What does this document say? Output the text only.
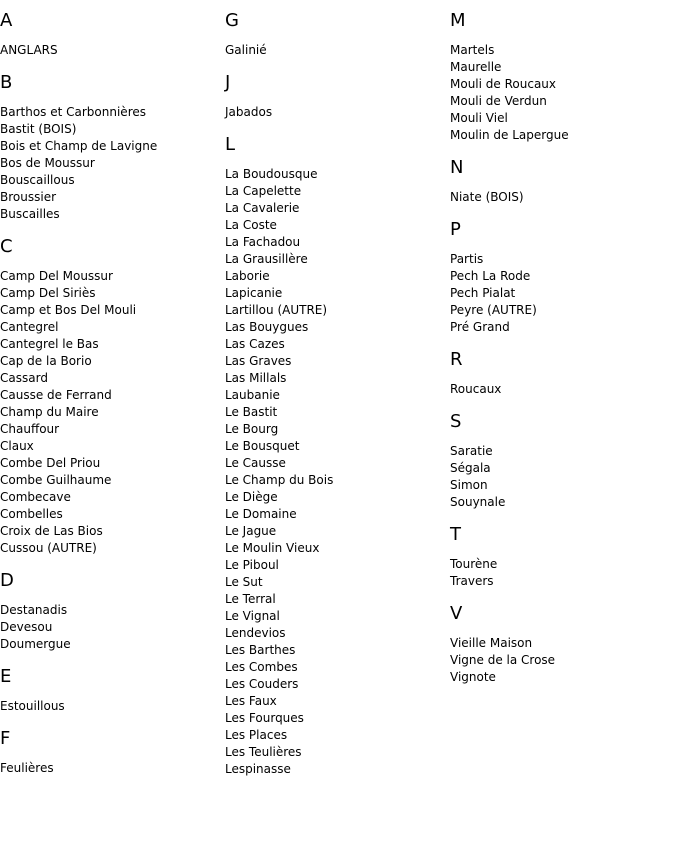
A
ANGLARS
B
Barthos et Carbonnières
Bastit (BOIS)
Bois et Champ de Lavigne
Bos de Moussur
Bouscaillous
Broussier
Buscailles
C
Camp Del Moussur
Camp Del Siriès
Camp et Bos Del Mouli
Cantegrel
Cantegrel le Bas
Cap de la Borio
Cassard
Causse de Ferrand
Champ du Maire
Chauffour
Claux
Combe Del Priou
Combe Guilhaume
Combecave
Combelles
Croix de Las Bios
Cussou (AUTRE)
D
Destanadis
Devesou
Doumergue
E
Estouillous
F
Feulières
G
Galinié
J
Jabados
L
La Boudousque
La Capelette
La Cavalerie
La Coste
La Fachadou
La Grausillère
Laborie
Lapicanie
Lartillou (AUTRE)
Las Bouygues
Las Cazes
Las Graves
Las Millals
Laubanie
Le Bastit
Le Bourg
Le Bousquet
Le Causse
Le Champ du Bois
Le Diège
Le Domaine
Le Jague
Le Moulin Vieux
Le Piboul
Le Sut
Le Terral
Le Vignal
Lendevios
Les Barthes
Les Combes
Les Couders
Les Faux
Les Fourques
Les Places
Les Teulières
Lespinasse
M
Martels
Maurelle
Mouli de Roucaux
Mouli de Verdun
Mouli Viel
Moulin de Lapergue
N
Niate (BOIS)
P
Partis
Pech La Rode
Pech Pialat
Peyre (AUTRE)
Pré Grand
R
Roucaux
S
Saratie
Ségala
Simon
Souynale
T
Tourène
Travers
V
Vieille Maison
Vigne de la Crose
Vignote
